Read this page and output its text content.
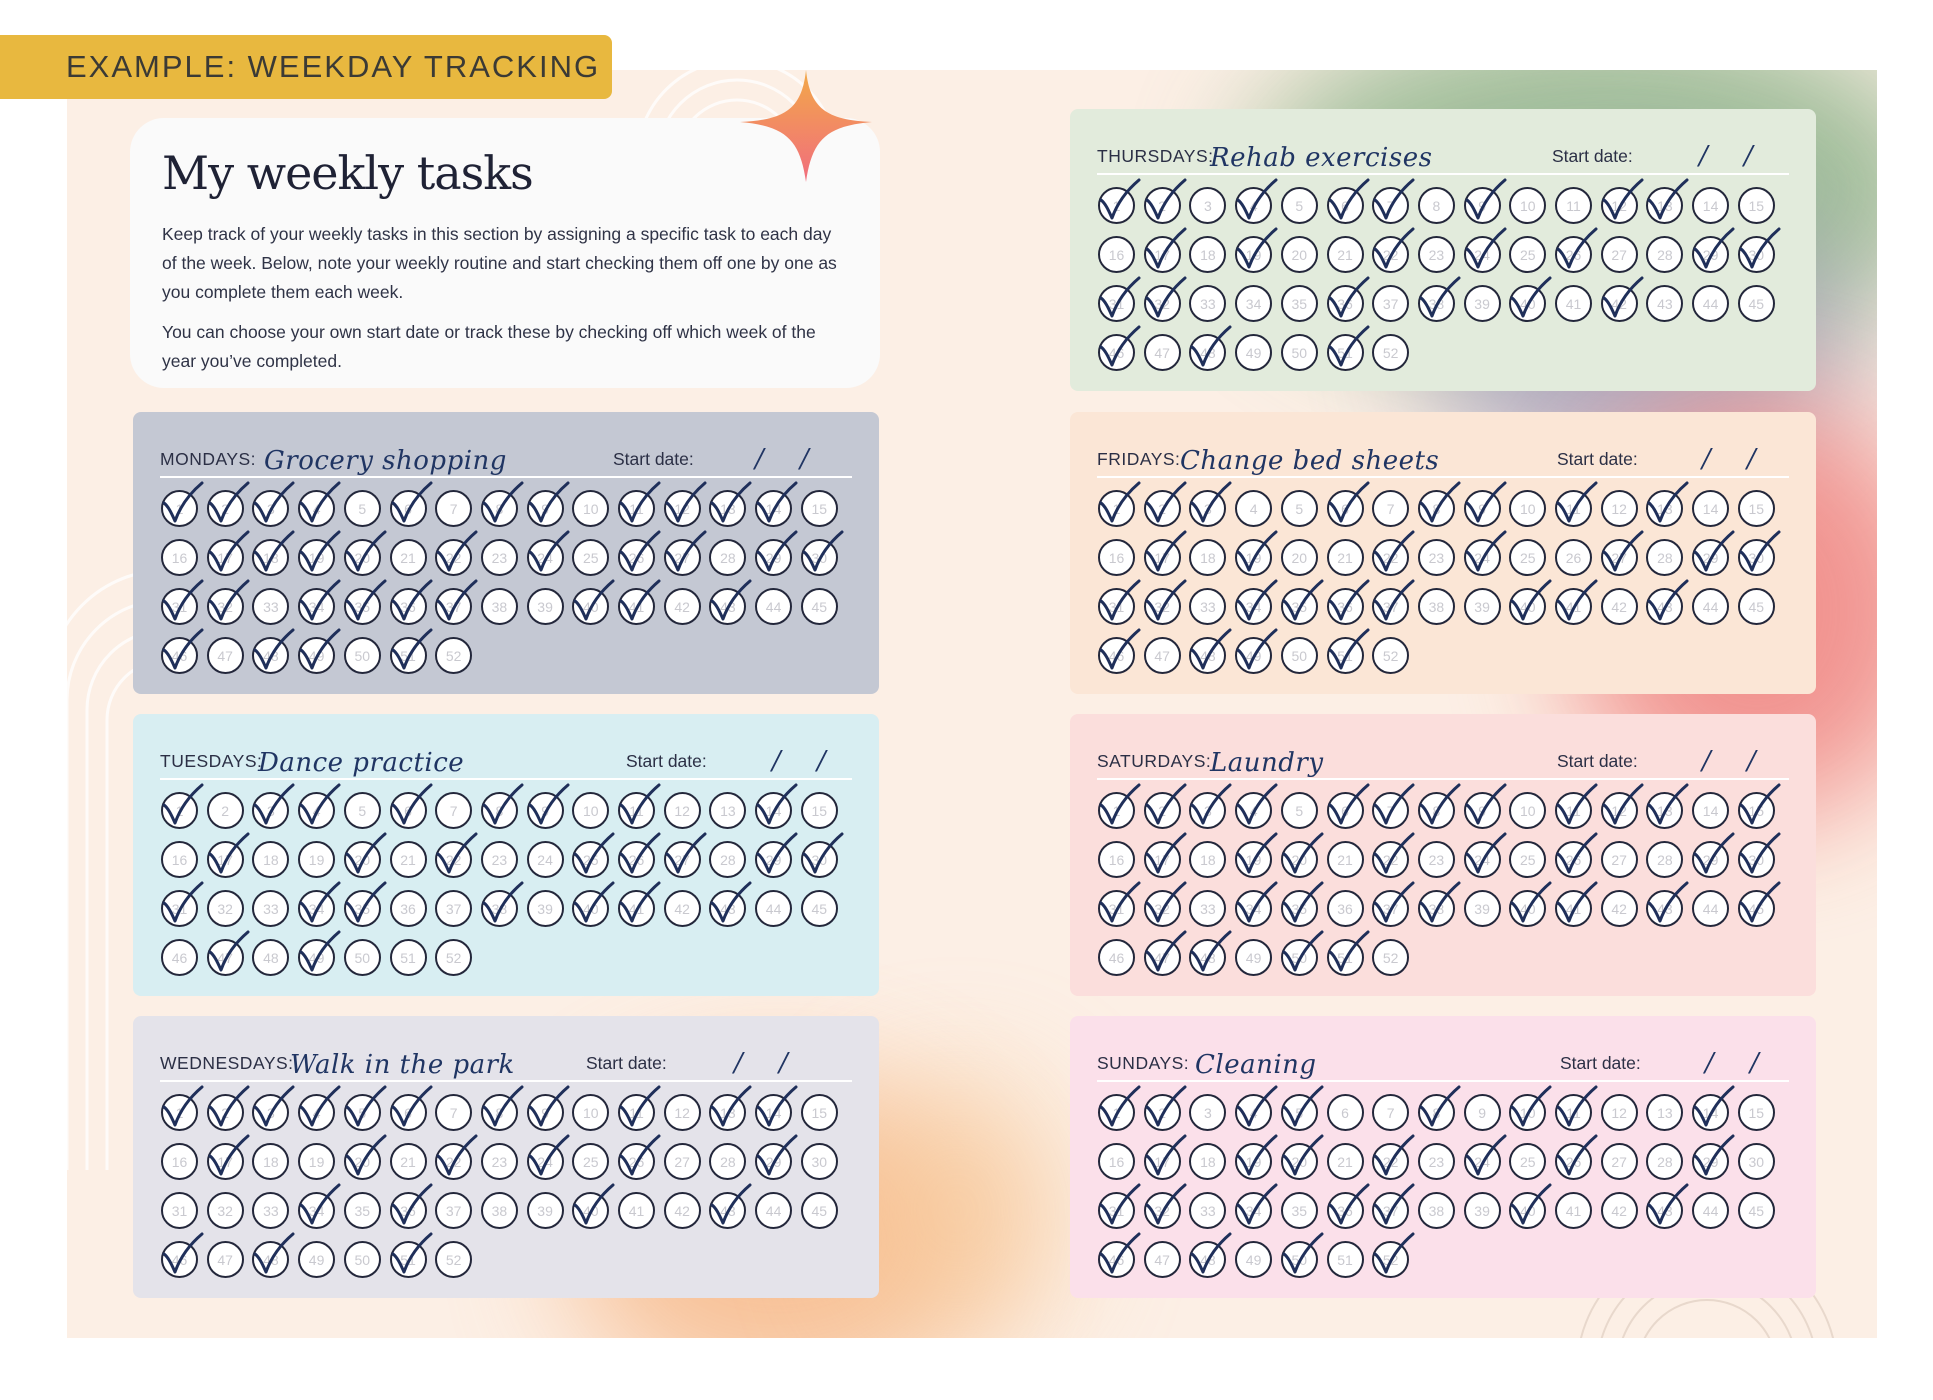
EXAMPLE: WEEKDAY TRACKING
My weekly tasks

Keep track of your weekly tasks in this section by assigning a specific task to each day of the week. Below, note your weekly routine and start checking them off one by one as you complete them each week.

You can choose your own start date or track these by checking off which week of the year you’ve completed.

MONDAYS: Grocery shopping	Start date: / /
1	2	3	4	5	6	7	8	9	10	11	12	13	14	15
16	17	18	19	20	21	22	23	24	25	26	27	28	29	30
31	32	33	34	35	36	37	38	39	40	41	42	43	44	45
46	47	48	49	50	51	52
TUESDAYS:
Dance practice	Start date:	/ /
1	2	3	4	5	6	7	8	9	10	11	12	13	14	15
16	17	18	19	20	21	22	23	24	25	26	27	28	29	30
31	32	33	34	35	36	37	38	39	40	41	42	43	44	45
46	47	48	49	50	51	52
WEDNESDAYS:
Walk in the park	Start date:	/ /
1	2	3	4	5	6	7	8	9	10	11	12	13	14	15
16	17	18	19	20	21	22	23	24	25	26	27	28	29	30
31	32	33	34	35	36	37	38	39	40	41	42	43	44	45
46	47	48	49	50	51	52
THURSDAYS:
Rehab exercises	Start date:	/ /
1	2	3	4	5	6	7	8	9	10	11	12	13	14	15
16	17	18	19	20	21	22	23	24	25	26	27	28	29	30
31	32	33	34	35	36	37	38	39	40	41	42	43	44	45
46	47	48	49	50	51	52
FRIDAYS: Change bed sheets	Start date: / /
1	2	3	4	5	6	7	8	9	10	11	12	13	14	15
16	17	18	19	20	21	22	23	24	25	26	27	28	29	30
31	32	33	34	35	36	37	38	39	40	41	42	43	44	45
46	47	48	49	50	51	52
SATURDAYS:
Laundry	Start date: / /
1	2	3	4	5	6	7	8	9	10	11	12	13	14	15
16	17	18	19	20	21	22	23	24	25	26	27	28	29	30
31	32	33	34	35	36	37	38	39	40	41	42	43	44	45
46	47	48	49	50	51	52
SUNDAYS: Cleaning	Start date: / /
1	2	3	4	5	6	7	8	9	10	11	12	13	14	15
16	17	18	19	20	21	22	23	24	25	26	27	28	29	30
31	32	33	34	35	36	37	38	39	40	41	42	43	44	45
46	47	48	49	50	51	52
